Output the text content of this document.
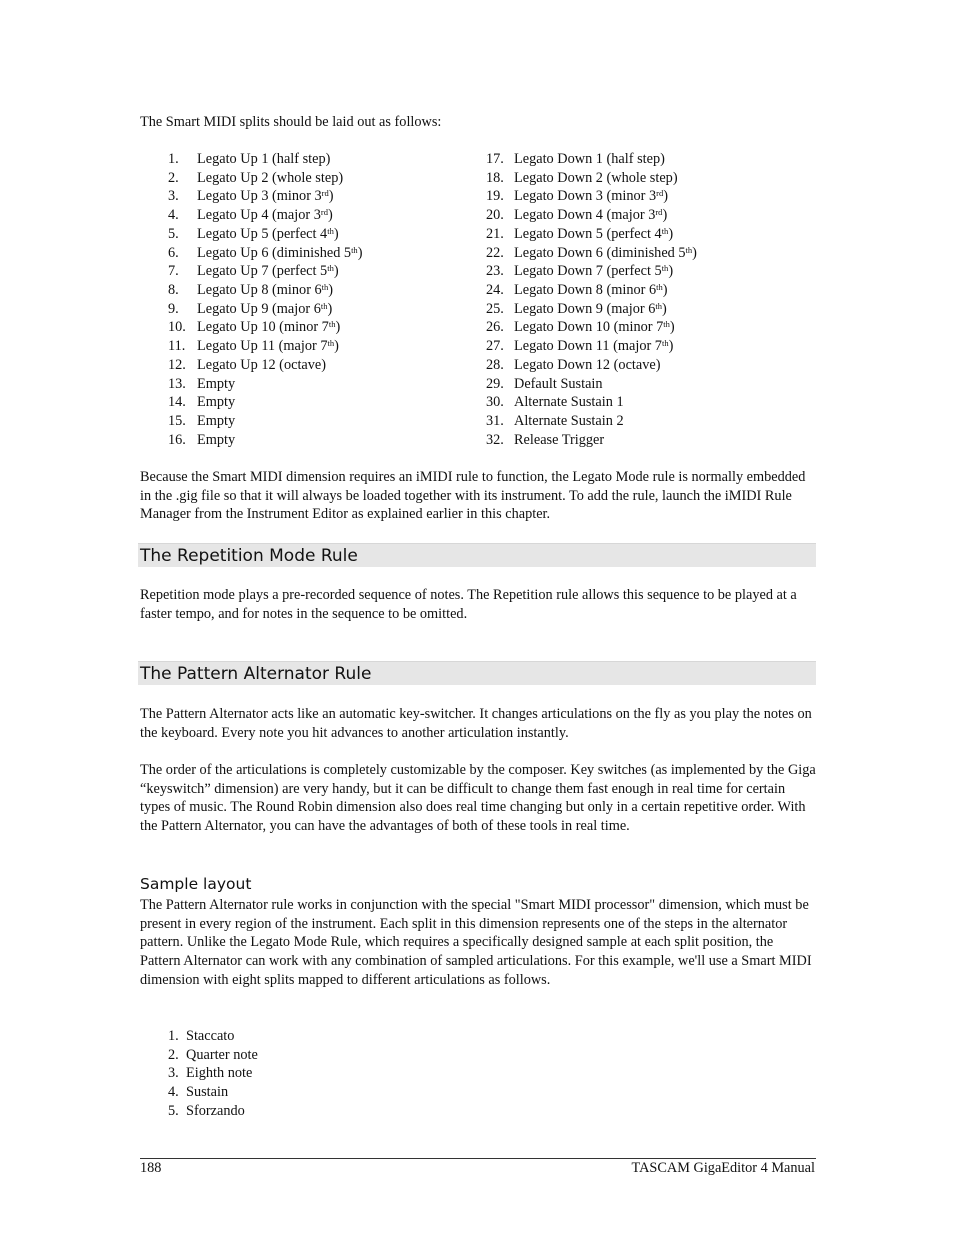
The Smart MIDI splits should be laid out as follows:

1. Legato Up 1 (half step)
2. Legato Up 2 (whole step)
3. Legato Up 3 (minor 3rd)
4. Legato Up 4 (major 3rd)
5. Legato Up 5 (perfect 4th)
6. Legato Up 6 (diminished 5th)
7. Legato Up 7 (perfect 5th)
8. Legato Up 8 (minor 6th)
9. Legato Up 9 (major 6th)
10. Legato Up 10 (minor 7th)
11. Legato Up 11 (major 7th)
12. Legato Up 12 (octave)
13. Empty
14. Empty
15. Empty
16. Empty
17. Legato Down 1 (half step)
18. Legato Down 2 (whole step)
19. Legato Down 3 (minor 3rd)
20. Legato Down 4 (major 3rd)
21. Legato Down 5 (perfect 4th)
22. Legato Down 6 (diminished 5th)
23. Legato Down 7 (perfect 5th)
24. Legato Down 8 (minor 6th)
25. Legato Down 9 (major 6th)
26. Legato Down 10 (minor 7th)
27. Legato Down 11 (major 7th)
28. Legato Down 12 (octave)
29. Default Sustain
30. Alternate Sustain 1
31. Alternate Sustain 2
32. Release Trigger

Because the Smart MIDI dimension requires an iMIDI rule to function, the Legato Mode rule is normally embedded in the .gig file so that it will always be loaded together with its instrument. To add the rule, launch the iMIDI Rule Manager from the Instrument Editor as explained earlier in this chapter.

The Repetition Mode Rule

Repetition mode plays a pre-recorded sequence of notes. The Repetition rule allows this sequence to be played at a faster tempo, and for notes in the sequence to be omitted.

The Pattern Alternator Rule

The Pattern Alternator acts like an automatic key-switcher. It changes articulations on the fly as you play the notes on the keyboard. Every note you hit advances to another articulation instantly.

The order of the articulations is completely customizable by the composer. Key switches (as implemented by the Giga “keyswitch” dimension) are very handy, but it can be difficult to change them fast enough in real time for certain types of music. The Round Robin dimension also does real time changing but only in a certain repetitive order. With the Pattern Alternator, you can have the advantages of both of these tools in real time.

Sample layout

The Pattern Alternator rule works in conjunction with the special "Smart MIDI processor" dimension, which must be present in every region of the instrument. Each split in this dimension represents one of the steps in the alternator pattern. Unlike the Legato Mode Rule, which requires a specifically designed sample at each split position, the Pattern Alternator can work with any combination of sampled articulations. For this example, we'll use a Smart MIDI dimension with eight splits mapped to different articulations as follows.

1. Staccato
2. Quarter note
3. Eighth note
4. Sustain
5. Sforzando
188	TASCAM GigaEditor 4 Manual
